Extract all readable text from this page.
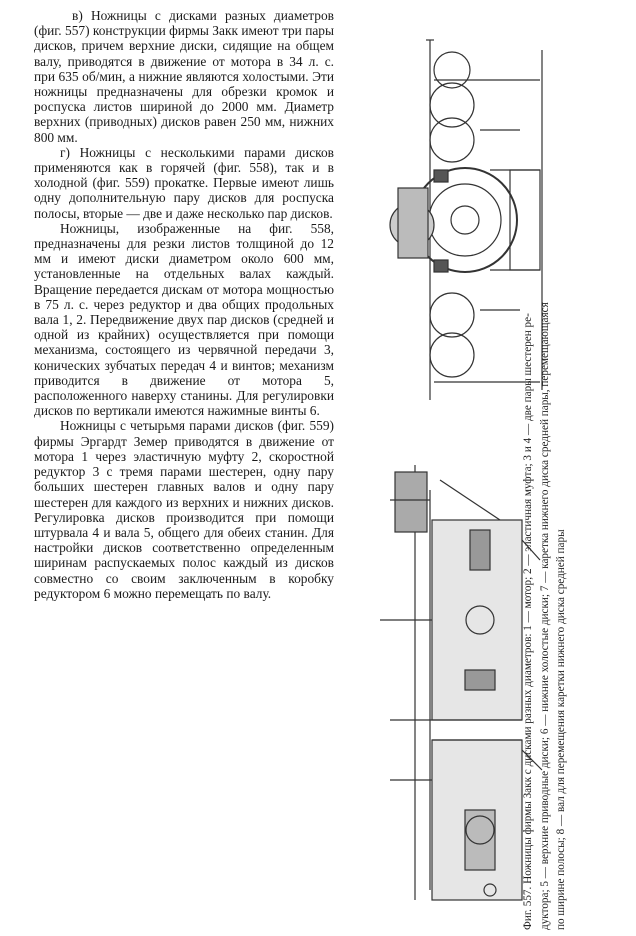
в) Ножницы с дисками разных диаметров (фиг. 557) конструкции фирмы Закк имеют три пары дисков, причем верхние диски, сидящие на общем валу, приводятся в движение от мотора в 34 л. с. при 635 об/мин, а нижние являются холостыми. Эти ножницы предназначены для обрезки кромок и роспуска листов шириной до 2000 мм. Диаметр верхних (приводных) дисков равен 250 мм, нижних 800 мм.

г) Ножницы с несколькими парами дисков применяются как в горячей (фиг. 558), так и в холодной (фиг. 559) прокатке. Первые имеют лишь одну дополнительную пару дисков для роспуска полосы, вторые — две и даже несколько пар дисков.

Ножницы, изображенные на фиг. 558, предназначены для резки листов толщиной до 12 мм и имеют диски диаметром около 600 мм, установленные на отдельных валах каждый. Вращение передается дискам от мотора мощностью в 75 л. с. через редуктор и два общих продольных вала 1, 2. Передвижение двух пар дисков (средней и одной из крайних) осуществляется при помощи механизма, состоящего из червячной передачи 3, конических зубчатых передач 4 и винтов; механизм приводится в движение от мотора 5, расположенного наверху станины. Для регулировки дисков по вертикали имеются нажимные винты 6.

Ножницы с четырьмя парами дисков (фиг. 559) фирмы Эргардт Земер приводятся в движение от мотора 1 через эластичную муфту 2, скоростной редуктор 3 с тремя парами шестерен, одну пару больших шестерен главных валов и одну пару шестерен для каждого из верхних и нижних дисков. Регулировка дисков производится при помощи штурвала 4 и вала 5, общего для обеих станин. Для настройки дисков соответственно определенным ширинам распускаемых полос каждый из дисков совместно со своим заключенным в коробку редуктором 6 можно перемещать по валу.	Фиг. 557. Ножницы фирмы Закк с дисками разных диаметров: 1 — мотор; 2 — эластичная муфта; 3 и 4 — две пары шестерен ре- дуктора; 5 — верхние приводные диски; 6 — нижние холостые диски; 7 — каретка нижнего диска средней пары, перемещающаяся по ширине полосы; 8 — вал для перемещения каретки нижнего диска средней пары
